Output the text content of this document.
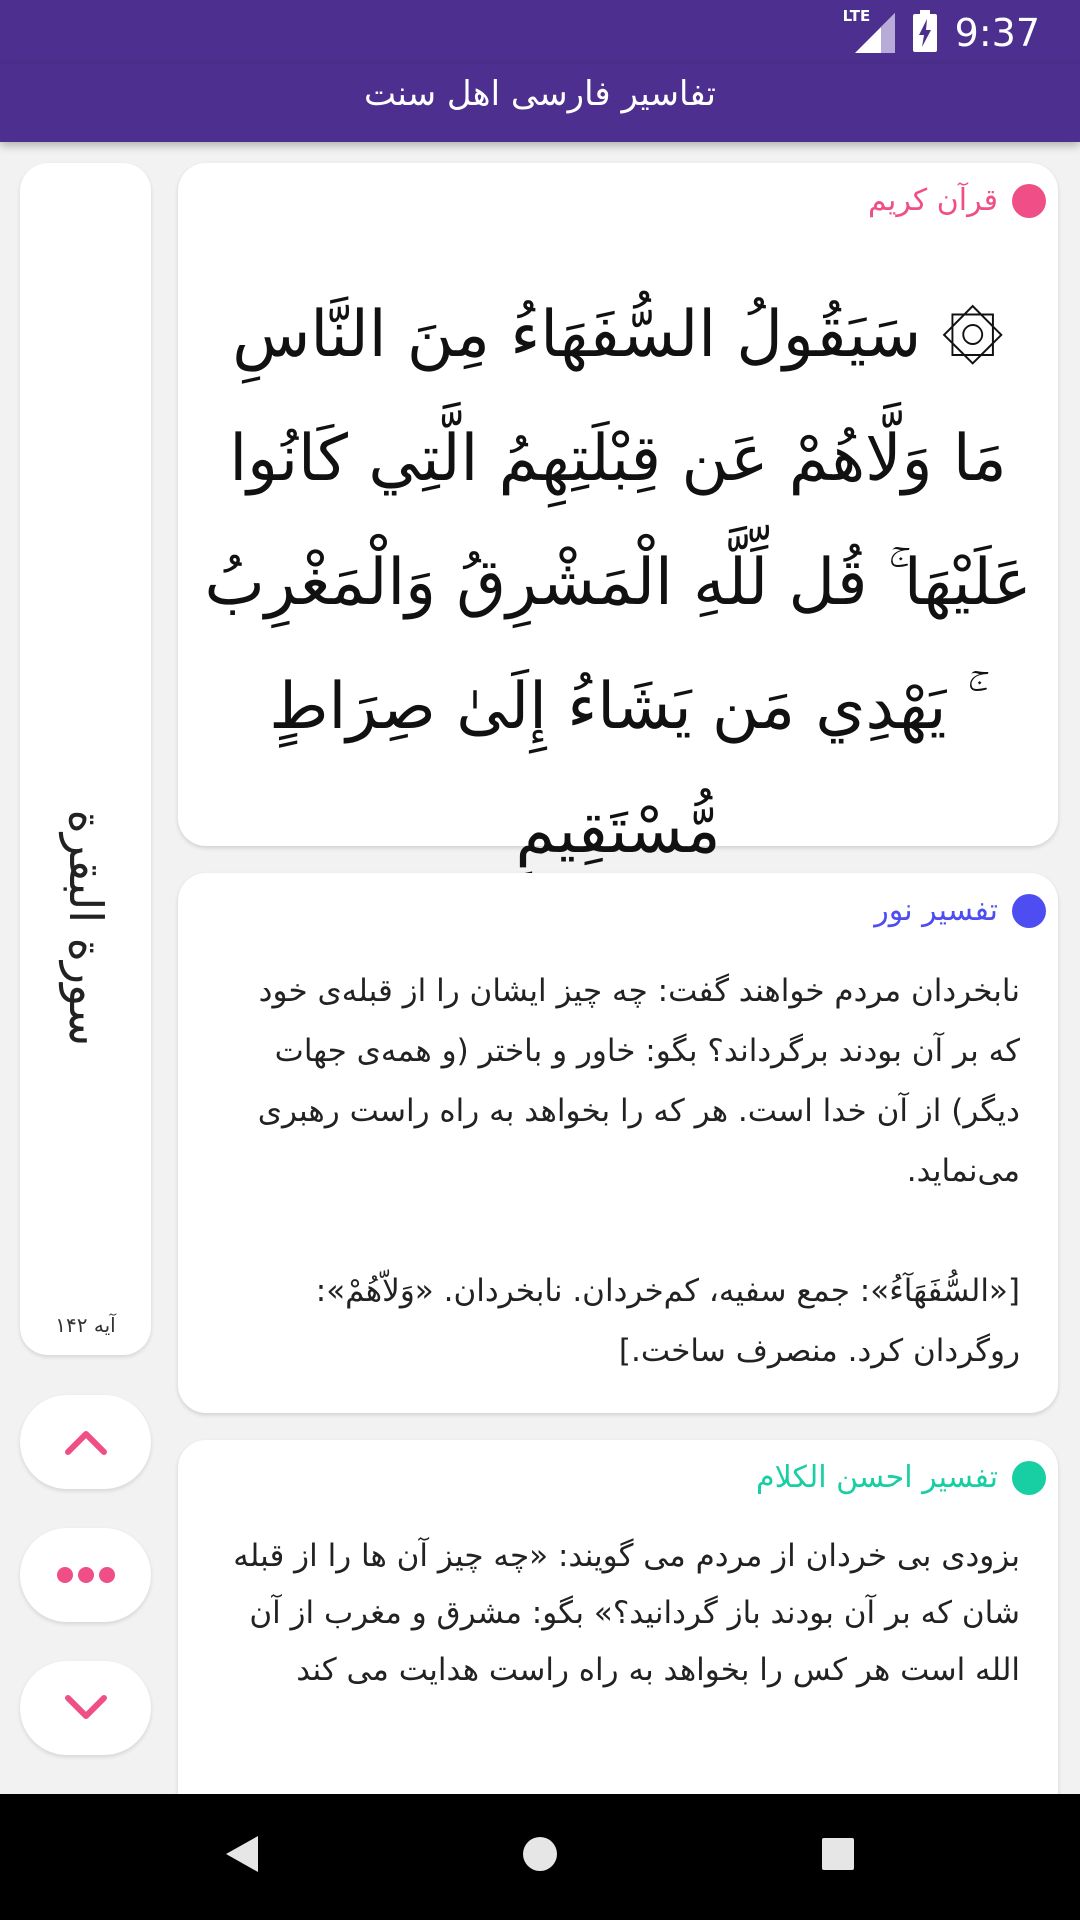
LTE 9:37
تفاسیر فارسی اهل سنت
سورة البقرة
آیه ۱۴۲
قرآن کریم
۞ سَيَقُولُ السُّفَهَاءُ مِنَ النَّاسِ مَا وَلَّاهُمْ عَن قِبْلَتِهِمُ الَّتِي كَانُوا عَلَيْهَا ۚ قُل لِّلَّهِ الْمَشْرِقُ وَالْمَغْرِبُ ۚ يَهْدِي مَن يَشَاءُ إِلَىٰ صِرَاطٍ مُّسْتَقِيمٍ
تفسیر نور
نابخردان مردم خواهند گفت: چه چیز ایشان را از قبله‌ی خود که بر آن بودند برگرداند؟ بگو: خاور و باختر (و همه‌ی جهات دیگر) از آن خدا است. هر که را بخواهد به راه راست رهبری می‌نماید.

[«السُّفَهَآءُ»: جمع سفیه، کم‌خردان. نابخردان. «وَلاّهُمْ»: روگردان کرد. منصرف ساخت.]
تفسیر احسن الکلام
بزودی بی خردان از مردم می گویند: «چه چیز آن ها را از قبله شان که بر آن بودند باز گردانید؟» بگو: مشرق و مغرب از آن الله است هر کس را بخواهد به راه راست هدایت می کند
